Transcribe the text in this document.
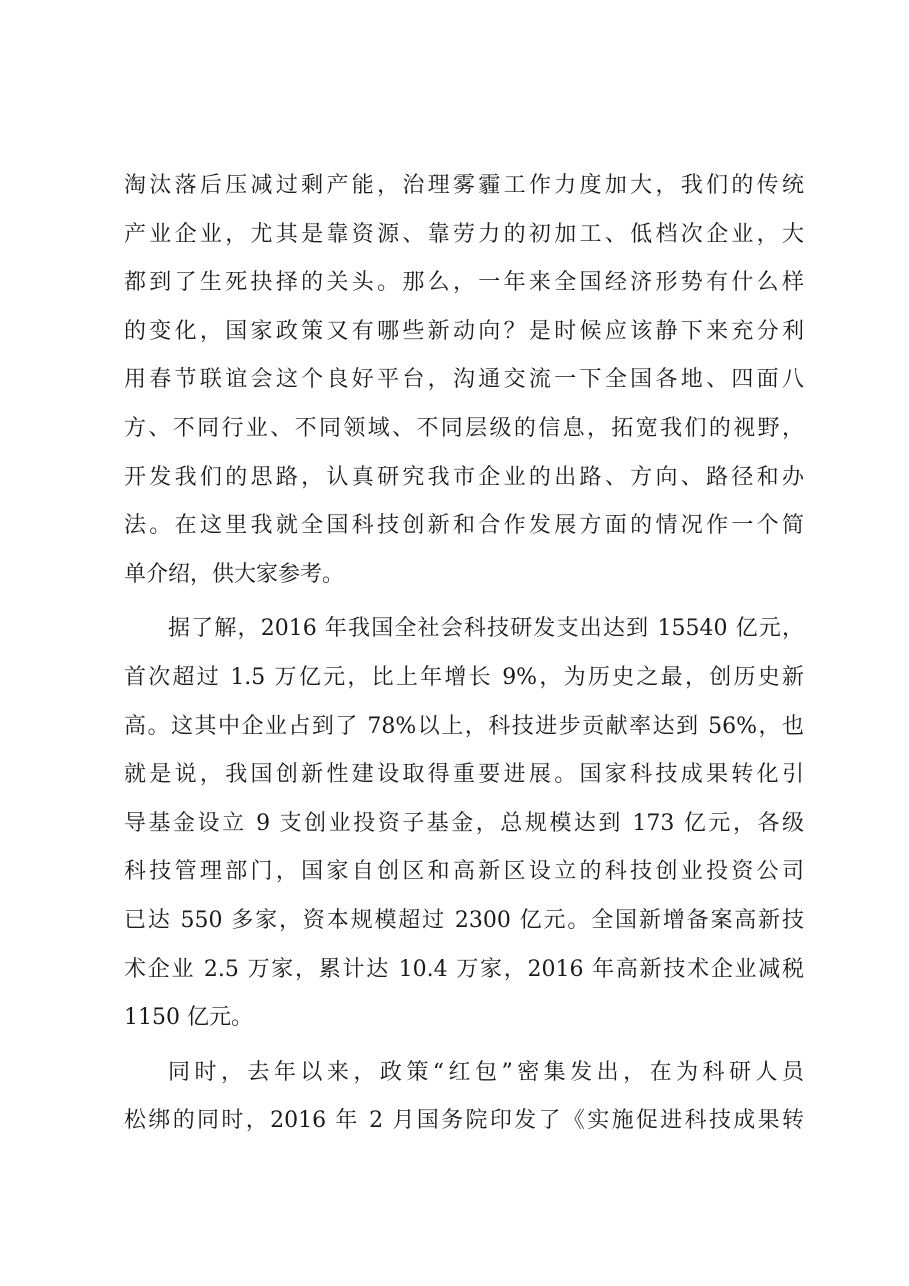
淘汰落后压减过剩产能，治理雾霾工作力度加大，我们的传统
产业企业，尤其是靠资源、靠劳力的初加工、低档次企业，大
都到了生死抉择的关头。那么，一年来全国经济形势有什么样
的变化，国家政策又有哪些新动向？是时候应该静下来充分利
用春节联谊会这个良好平台，沟通交流一下全国各地、四面八
方、不同行业、不同领域、不同层级的信息，拓宽我们的视野，
开发我们的思路，认真研究我市企业的出路、方向、路径和办
法。在这里我就全国科技创新和合作发展方面的情况作一个简
单介绍，供大家参考。
据了解，2016 年我国全社会科技研发支出达到 15540 亿元，
首次超过 1.5 万亿元，比上年增长 9%，为历史之最，创历史新
高。这其中企业占到了 78%以上，科技进步贡献率达到 56%，也
就是说，我国创新性建设取得重要进展。国家科技成果转化引
导基金设立 9 支创业投资子基金，总规模达到 173 亿元，各级
科技管理部门，国家自创区和高新区设立的科技创业投资公司
已达 550 多家，资本规模超过 2300 亿元。全国新增备案高新技
术企业 2.5 万家，累计达 10.4 万家，2016 年高新技术企业减税
1150 亿元。
同时，去年以来，政策“红包”密集发出，在为科研人员
松绑的同时，2016 年 2 月国务院印发了《实施促进科技成果转
